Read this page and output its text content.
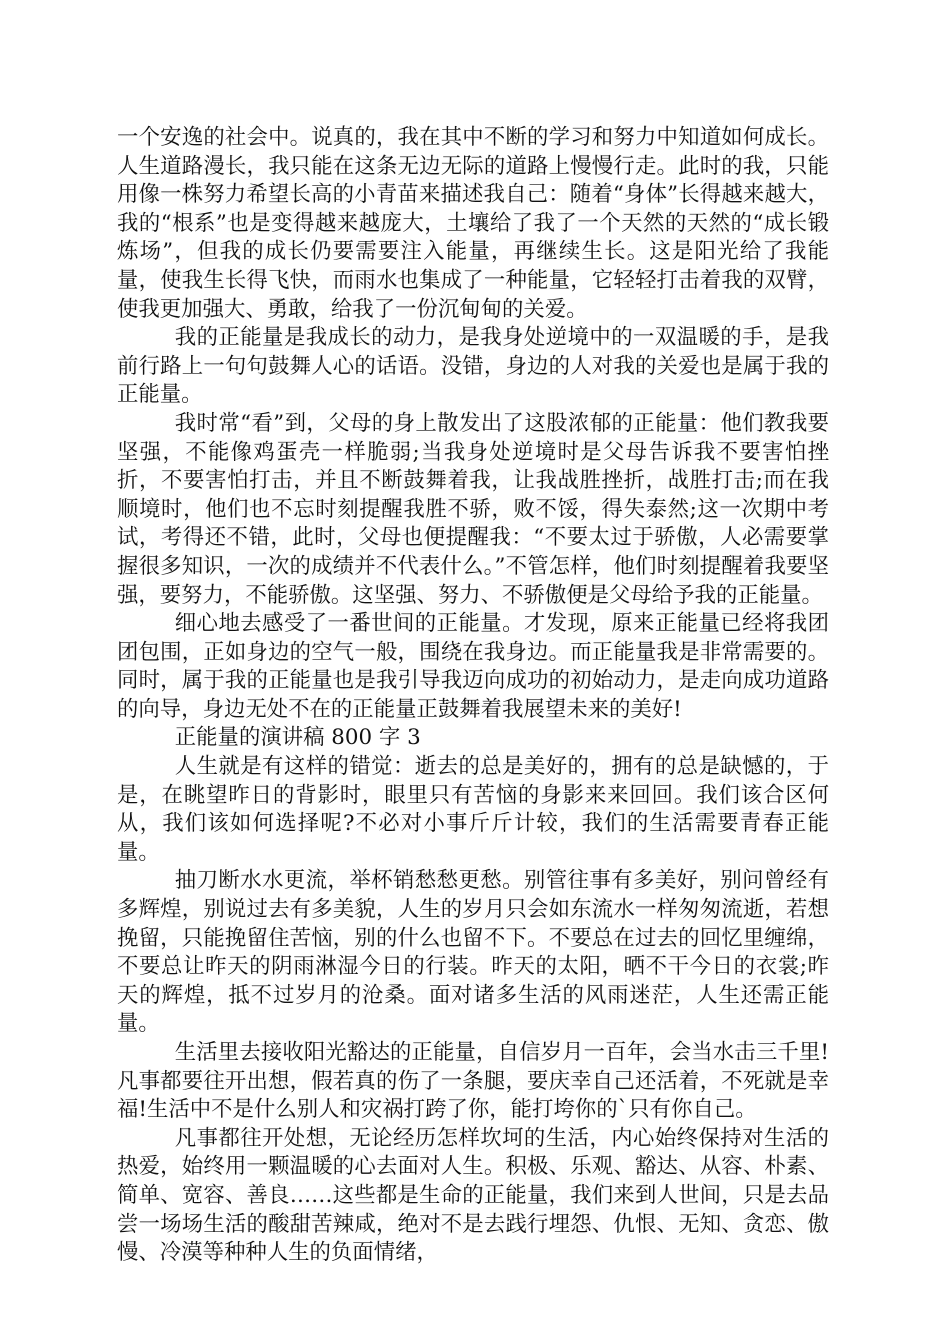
一个安逸的社会中。说真的，我在其中不断的学习和努力中知道如何成长。人生道路漫长，我只能在这条无边无际的道路上慢慢行走。此时的我，只能用像一株努力希望长高的小青苗来描述我自己：随着“身体”长得越来越大，我的“根系”也是变得越来越庞大，土壤给了我了一个天然的天然的“成长锻炼场”，但我的成长仍要需要注入能量，再继续生长。这是阳光给了我能量，使我生长得飞快，而雨水也集成了一种能量，它轻轻打击着我的双臂，使我更加强大、勇敢，给我了一份沉甸甸的关爱。

我的正能量是我成长的动力，是我身处逆境中的一双温暖的手，是我前行路上一句句鼓舞人心的话语。没错，身边的人对我的关爱也是属于我的正能量。

我时常“看”到，父母的身上散发出了这股浓郁的正能量：他们教我要坚强，不能像鸡蛋壳一样脆弱;当我身处逆境时是父母告诉我不要害怕挫折，不要害怕打击，并且不断鼓舞着我，让我战胜挫折，战胜打击;而在我顺境时，他们也不忘时刻提醒我胜不骄，败不馁，得失泰然;这一次期中考试，考得还不错，此时，父母也便提醒我：“不要太过于骄傲，人必需要掌握很多知识，一次的成绩并不代表什么。”不管怎样，他们时刻提醒着我要坚强，要努力，不能骄傲。这坚强、努力、不骄傲便是父母给予我的正能量。

细心地去感受了一番世间的正能量。才发现，原来正能量已经将我团团包围，正如身边的空气一般，围绕在我身边。而正能量我是非常需要的。同时，属于我的正能量也是我引导我迈向成功的初始动力，是走向成功道路的向导，身边无处不在的正能量正鼓舞着我展望未来的美好!

正能量的演讲稿 800 字 3

人生就是有这样的错觉：逝去的总是美好的，拥有的总是缺憾的，于是，在眺望昨日的背影时，眼里只有苦恼的身影来来回回。我们该合区何从，我们该如何选择呢?不必对小事斤斤计较，我们的生活需要青春正能量。

抽刀断水水更流，举杯销愁愁更愁。别管往事有多美好，别问曾经有多辉煌，别说过去有多美貌，人生的岁月只会如东流水一样匆匆流逝，若想挽留，只能挽留住苦恼，别的什么也留不下。不要总在过去的回忆里缠绵，不要总让昨天的阴雨淋湿今日的行装。昨天的太阳，晒不干今日的衣裳;昨天的辉煌，抵不过岁月的沧桑。面对诸多生活的风雨迷茫，人生还需正能量。

生活里去接收阳光豁达的正能量，自信岁月一百年，会当水击三千里!凡事都要往开出想，假若真的伤了一条腿，要庆幸自己还活着，不死就是幸福!生活中不是什么别人和灾祸打跨了你，能打垮你的`只有你自己。

凡事都往开处想，无论经历怎样坎坷的生活，内心始终保持对生活的热爱，始终用一颗温暖的心去面对人生。积极、乐观、豁达、从容、朴素、简单、宽容、善良……这些都是生命的正能量，我们来到人世间，只是去品尝一场场生活的酸甜苦辣咸，绝对不是去践行埋怨、仇恨、无知、贪恋、傲慢、冷漠等种种人生的负面情绪，
